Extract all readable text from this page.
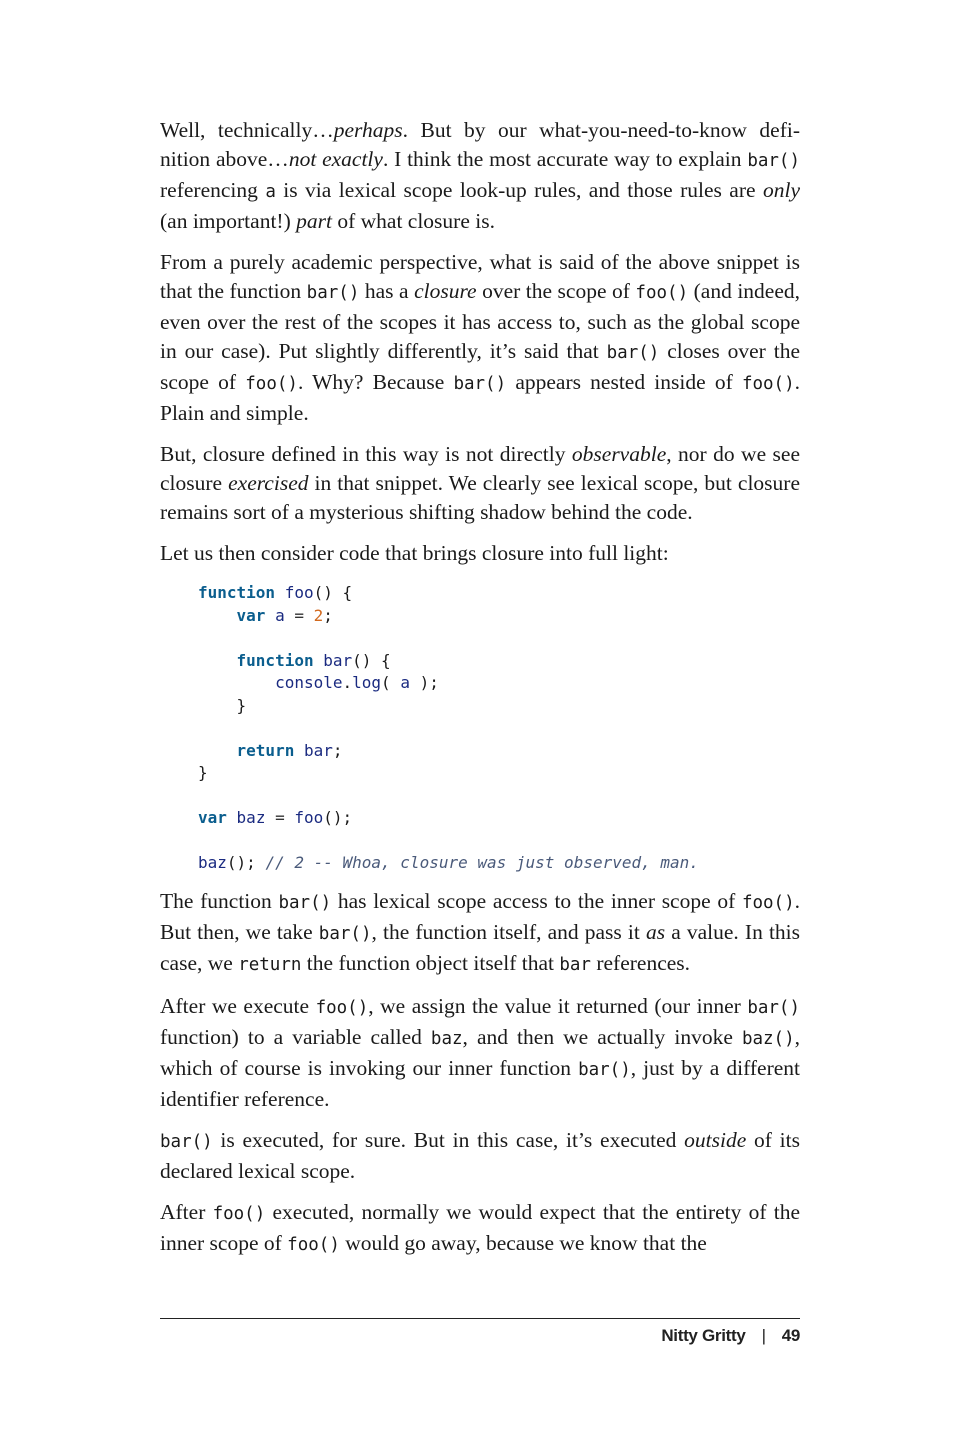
Well, technically…perhaps. But by our what-you-need-to-know definition above…not exactly. I think the most accurate way to explain bar() referencing a is via lexical scope look-up rules, and those rules are only (an important!) part of what closure is.

From a purely academic perspective, what is said of the above snippet is that the function bar() has a closure over the scope of foo() (and indeed, even over the rest of the scopes it has access to, such as the global scope in our case). Put slightly differently, it’s said that bar() closes over the scope of foo(). Why? Because bar() appears nested inside of foo(). Plain and simple.

But, closure defined in this way is not directly observable, nor do we see closure exercised in that snippet. We clearly see lexical scope, but closure remains sort of a mysterious shifting shadow behind the code.

Let us then consider code that brings closure into full light:

function foo() {
var a = 2;

function bar() {
console.log( a );
}

return bar;
}

var baz = foo();

baz(); // 2 -- Whoa, closure was just observed, man.

The function bar() has lexical scope access to the inner scope of foo(). But then, we take bar(), the function itself, and pass it as a value. In this case, we return the function object itself that bar references.

After we execute foo(), we assign the value it returned (our inner bar() function) to a variable called baz, and then we actually invoke baz(), which of course is invoking our inner function bar(), just by a different identifier reference.

bar() is executed, for sure. But in this case, it’s executed outside of its declared lexical scope.

After foo() executed, normally we would expect that the entirety of the inner scope of foo() would go away, because we know that the

Nitty Gritty | 49
